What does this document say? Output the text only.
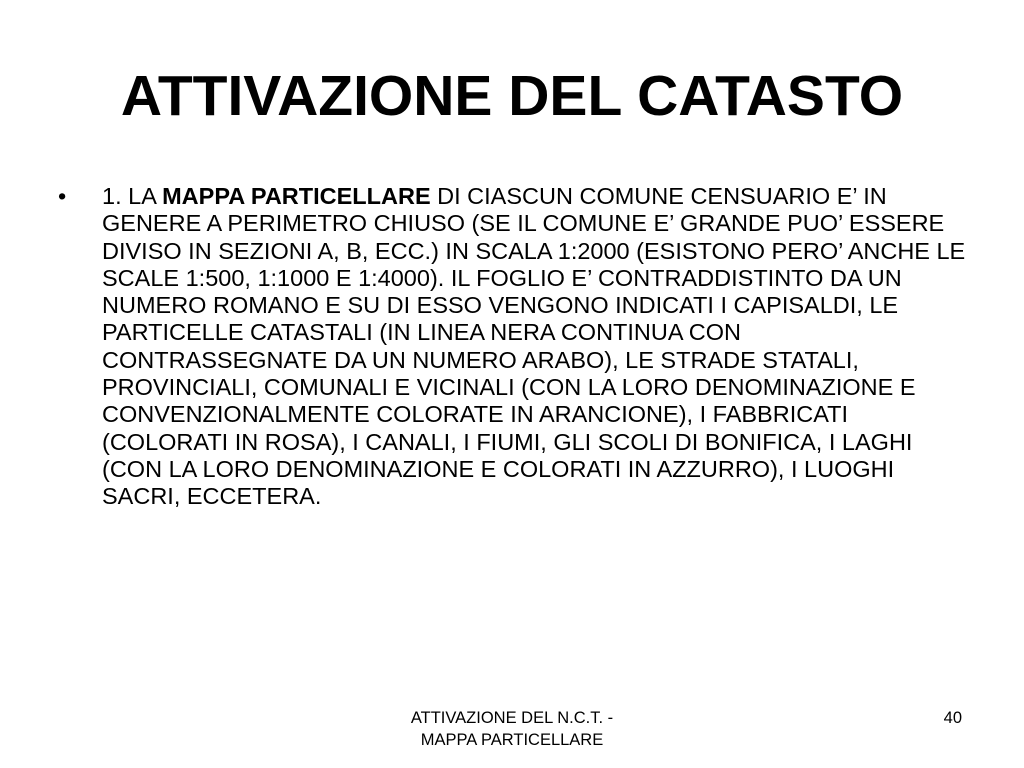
ATTIVAZIONE DEL CATASTO
• 1. LA MAPPA PARTICELLARE DI CIASCUN COMUNE CENSUARIO E’ IN GENERE A PERIMETRO CHIUSO (SE IL COMUNE E’ GRANDE PUO’ ESSERE DIVISO IN SEZIONI A, B, ECC.) IN SCALA 1:2000 (ESISTONO PERO’ ANCHE LE SCALE 1:500, 1:1000 E 1:4000). IL FOGLIO E’ CONTRADDISTINTO DA UN NUMERO ROMANO E SU DI ESSO VENGONO INDICATI I CAPISALDI, LE PARTICELLE CATASTALI (IN LINEA NERA CONTINUA CON CONTRASSEGNATE DA UN NUMERO ARABO), LE STRADE STATALI, PROVINCIALI, COMUNALI E VICINALI (CON LA LORO DENOMINAZIONE E CONVENZIONALMENTE COLORATE IN ARANCIONE), I FABBRICATI (COLORATI IN ROSA), I CANALI, I FIUMI, GLI SCOLI DI BONIFICA, I LAGHI (CON LA LORO DENOMINAZIONE E COLORATI IN AZZURRO), I LUOGHI SACRI, ECCETERA.
ATTIVAZIONE DEL N.C.T. -
MAPPA PARTICELLARE
40
